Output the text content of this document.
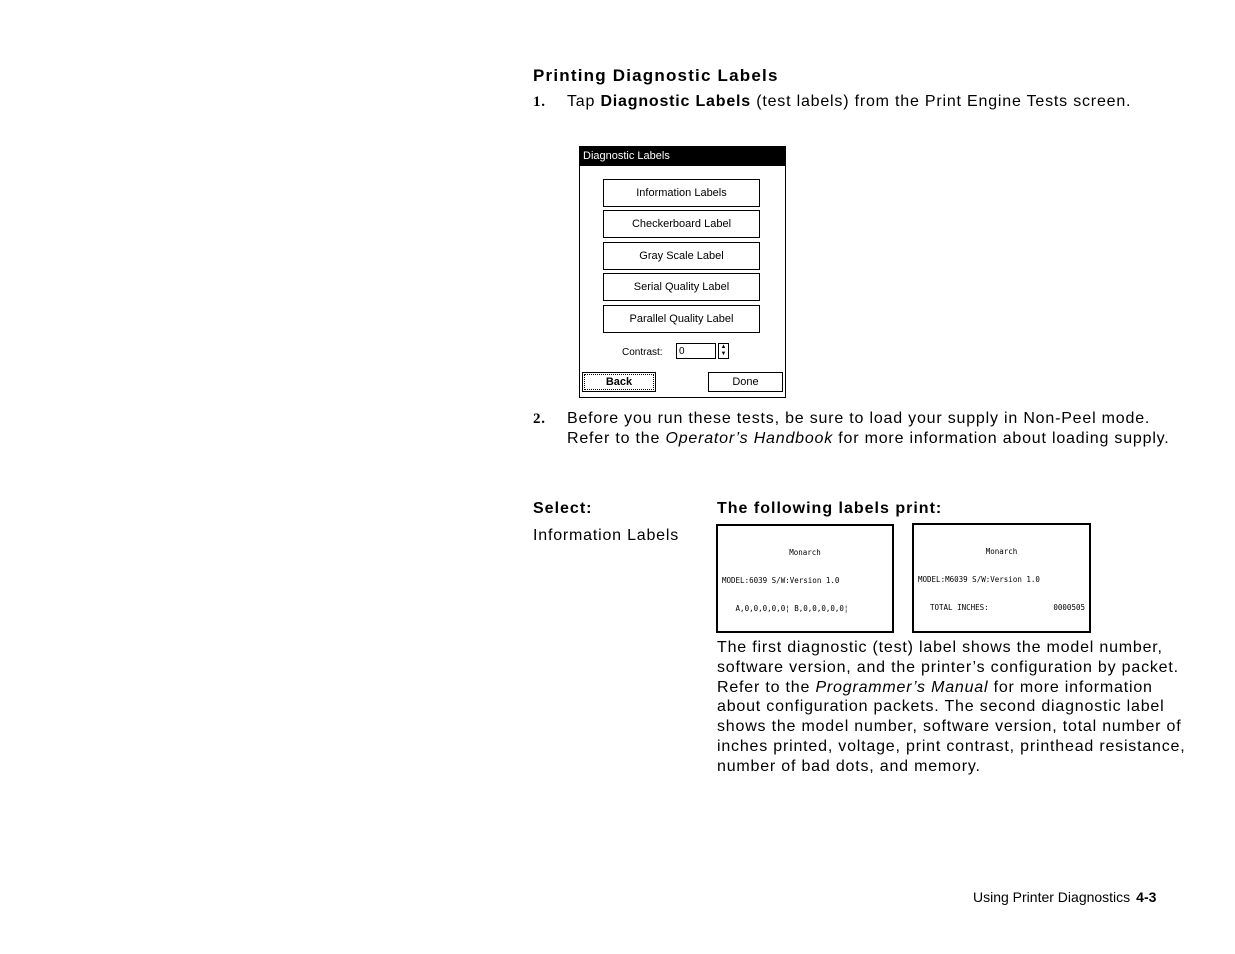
Printing Diagnostic Labels
1. Tap Diagnostic Labels (test labels) from the Print Engine Tests screen.
Diagnostic Labels
Information Labels
Checkerboard Label
Gray Scale Label
Serial Quality Label
Parallel Quality Label
Contrast:	0	▲
▼
Back	Done
2. Before you run these tests, be sure to load your supply in Non-Peel mode. Refer to the Operator’s Handbook for more information about loading supply.
Select:	The following labels print:
Information Labels

Monarch

MODEL:6039 S/W:Version 1.0

A,0,0,0,0,0¦ B,0,0,0,0,0¦

Monarch

MODEL:M6039 S/W:Version 1.0

TOTAL INCHES:	0000505

The first diagnostic (test) label shows the model number, software version, and the printer’s configuration by packet. Refer to the Programmer’s Manual for more information about configuration packets. The second diagnostic label shows the model number, software version, total number of inches printed, voltage, print contrast, printhead resistance, number of bad dots, and memory.
Using Printer Diagnostics 4-3
